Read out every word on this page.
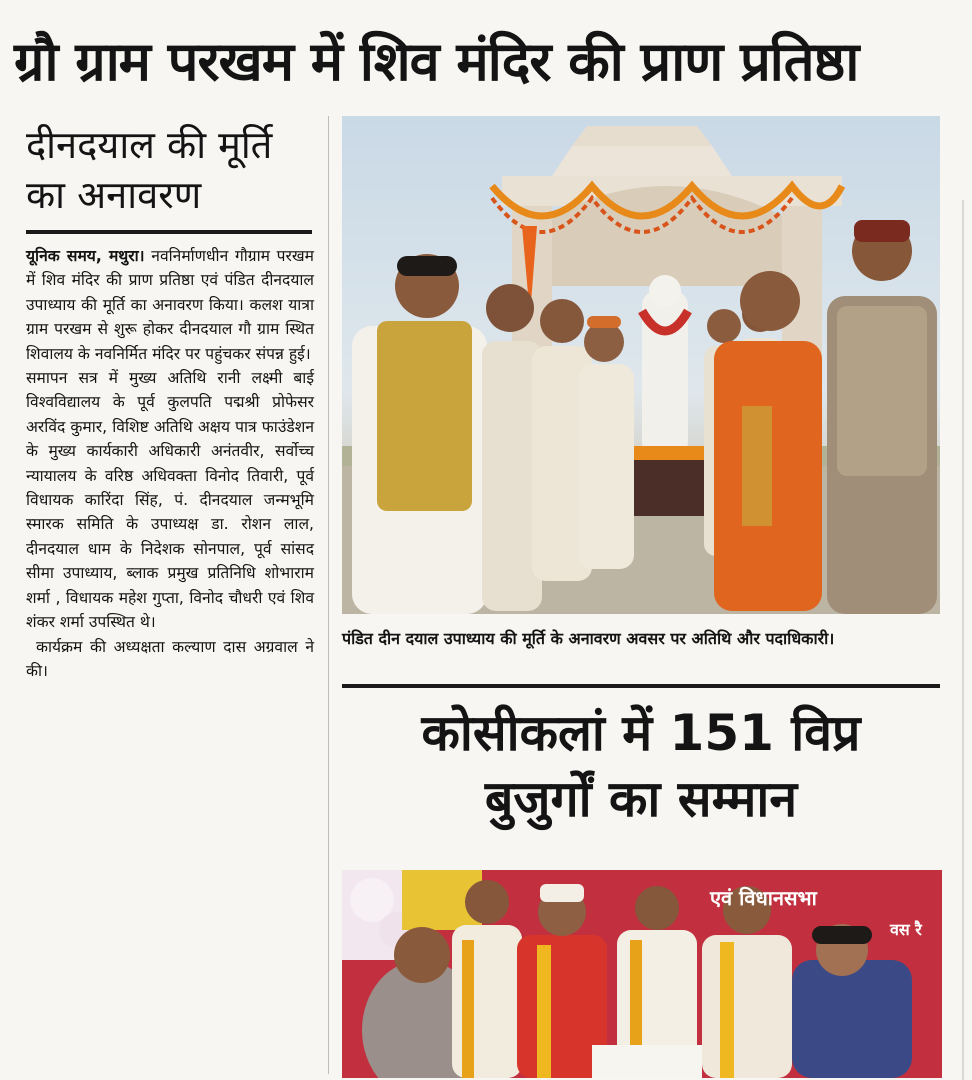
ग्रौ ग्राम परखम में शिव मंदिर की प्राण प्रतिष्ठा
दीनदयाल की मूर्ति
का अनावरण

यूनिक समय, मथुरा। नवनिर्माणधीन गौग्राम परखम में शिव मंदिर की प्राण प्रतिष्ठा एवं पंडित दीनदयाल उपाध्याय की मूर्ति का अनावरण किया। कलश यात्रा ग्राम परखम से शुरू होकर दीनदयाल गौ ग्राम स्थित शिवालय के नवनिर्मित मंदिर पर पहुंचकर संपन्न हुई।

समापन सत्र में मुख्य अतिथि रानी लक्ष्मी बाई विश्वविद्यालय के पूर्व कुलपति पद्मश्री प्रोफेसर अरविंद कुमार, विशिष्ट अतिथि अक्षय पात्र फाउंडेशन के मुख्य कार्यकारी अधिकारी अनंतवीर, सर्वोच्च न्यायालय के वरिष्ठ अधिवक्ता विनोद तिवारी, पूर्व विधायक कारिंदा सिंह, पं. दीनदयाल जन्मभूमि स्मारक समिति के उपाध्यक्ष डा. रोशन लाल, दीनदयाल धाम के निदेशक सोनपाल, पूर्व सांसद सीमा उपाध्याय, ब्लाक प्रमुख प्रतिनिधि शोभाराम शर्मा , विधायक महेश गुप्ता, विनोद चौधरी एवं शिव शंकर शर्मा उपस्थित थे।

कार्यक्रम की अध्यक्षता कल्याण दास अग्रवाल ने की।

पंडित दीन दयाल उपाध्याय की मूर्ति के अनावरण अवसर पर अतिथि और पदाधिकारी।
कोसीकलां में 151 विप्र
बुजुर्गों का सम्मान
एवं विधानसभा
वस रै
